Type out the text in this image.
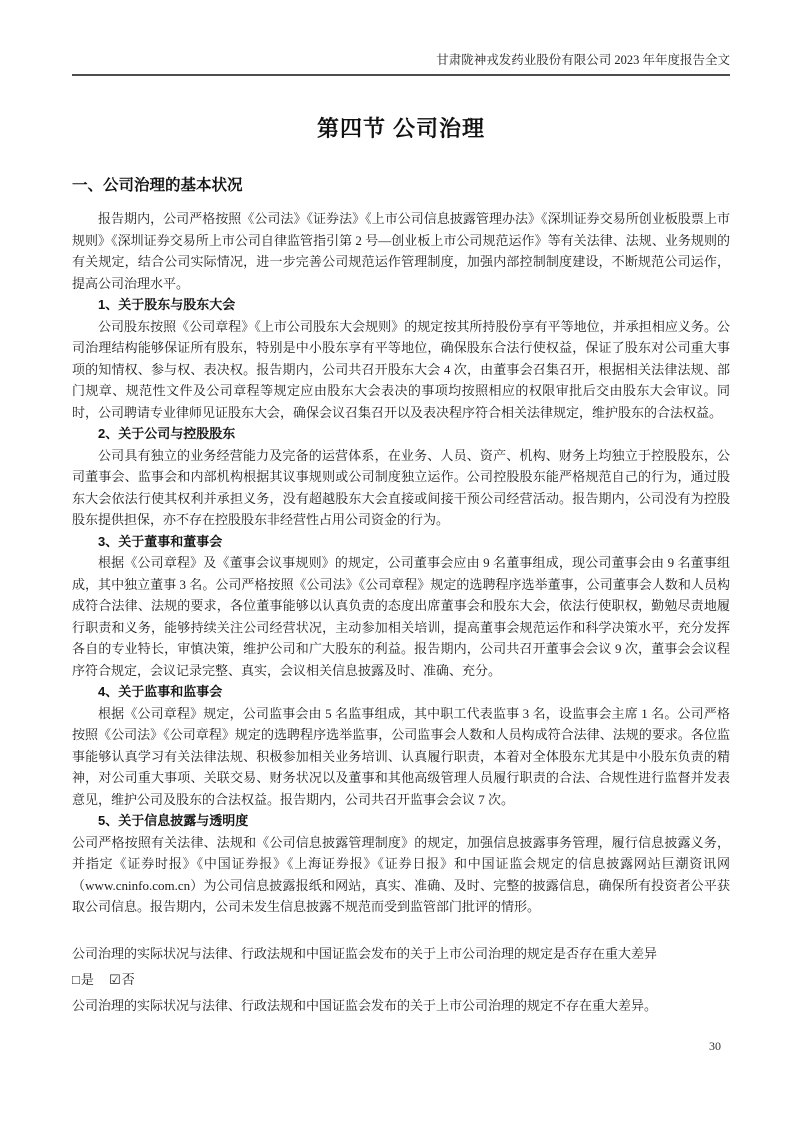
甘肃陇神戎发药业股份有限公司 2023 年年度报告全文
第四节 公司治理
一、公司治理的基本状况

报告期内，公司严格按照《公司法》《证券法》《上市公司信息披露管理办法》《深圳证券交易所创业板股票上市规则》《深圳证券交易所上市公司自律监管指引第 2 号—创业板上市公司规范运作》等有关法律、法规、业务规则的有关规定，结合公司实际情况，进一步完善公司规范运作管理制度，加强内部控制制度建设，不断规范公司运作，提高公司治理水平。

1、关于股东与股东大会

公司股东按照《公司章程》《上市公司股东大会规则》的规定按其所持股份享有平等地位，并承担相应义务。公司治理结构能够保证所有股东，特别是中小股东享有平等地位，确保股东合法行使权益，保证了股东对公司重大事项的知情权、参与权、表决权。报告期内，公司共召开股东大会 4 次，由董事会召集召开，根据相关法律法规、部门规章、规范性文件及公司章程等规定应由股东大会表决的事项均按照相应的权限审批后交由股东大会审议。同时，公司聘请专业律师见证股东大会，确保会议召集召开以及表决程序符合相关法律规定，维护股东的合法权益。

2、关于公司与控股股东

公司具有独立的业务经营能力及完备的运营体系，在业务、人员、资产、机构、财务上均独立于控股股东，公司董事会、监事会和内部机构根据其议事规则或公司制度独立运作。公司控股股东能严格规范自己的行为，通过股东大会依法行使其权利并承担义务，没有超越股东大会直接或间接干预公司经营活动。报告期内，公司没有为控股股东提供担保，亦不存在控股股东非经营性占用公司资金的行为。

3、关于董事和董事会

根据《公司章程》及《董事会议事规则》的规定，公司董事会应由 9 名董事组成，现公司董事会由 9 名董事组成，其中独立董事 3 名。公司严格按照《公司法》《公司章程》规定的选聘程序选举董事，公司董事会人数和人员构成符合法律、法规的要求，各位董事能够以认真负责的态度出席董事会和股东大会，依法行使职权，勤勉尽责地履行职责和义务，能够持续关注公司经营状况，主动参加相关培训，提高董事会规范运作和科学决策水平，充分发挥各自的专业特长，审慎决策，维护公司和广大股东的利益。报告期内，公司共召开董事会会议 9 次，董事会会议程序符合规定，会议记录完整、真实，会议相关信息披露及时、准确、充分。

4、关于监事和监事会

根据《公司章程》规定，公司监事会由 5 名监事组成，其中职工代表监事 3 名，设监事会主席 1 名。公司严格按照《公司法》《公司章程》规定的选聘程序选举监事，公司监事会人数和人员构成符合法律、法规的要求。各位监事能够认真学习有关法律法规、积极参加相关业务培训、认真履行职责，本着对全体股东尤其是中小股东负责的精神，对公司重大事项、关联交易、财务状况以及董事和其他高级管理人员履行职责的合法、合规性进行监督并发表意见，维护公司及股东的合法权益。报告期内，公司共召开监事会会议 7 次。

5、关于信息披露与透明度

公司严格按照有关法律、法规和《公司信息披露管理制度》的规定，加强信息披露事务管理，履行信息披露义务，并指定《证券时报》《中国证券报》《上海证券报》《证券日报》和中国证监会规定的信息披露网站巨潮资讯网（www.cninfo.com.cn）为公司信息披露报纸和网站，真实、准确、及时、完整的披露信息，确保所有投资者公平获取公司信息。报告期内，公司未发生信息披露不规范而受到监管部门批评的情形。

公司治理的实际状况与法律、行政法规和中国证监会发布的关于上市公司治理的规定是否存在重大差异

□是 ☑否

公司治理的实际状况与法律、行政法规和中国证监会发布的关于上市公司治理的规定不存在重大差异。

30
